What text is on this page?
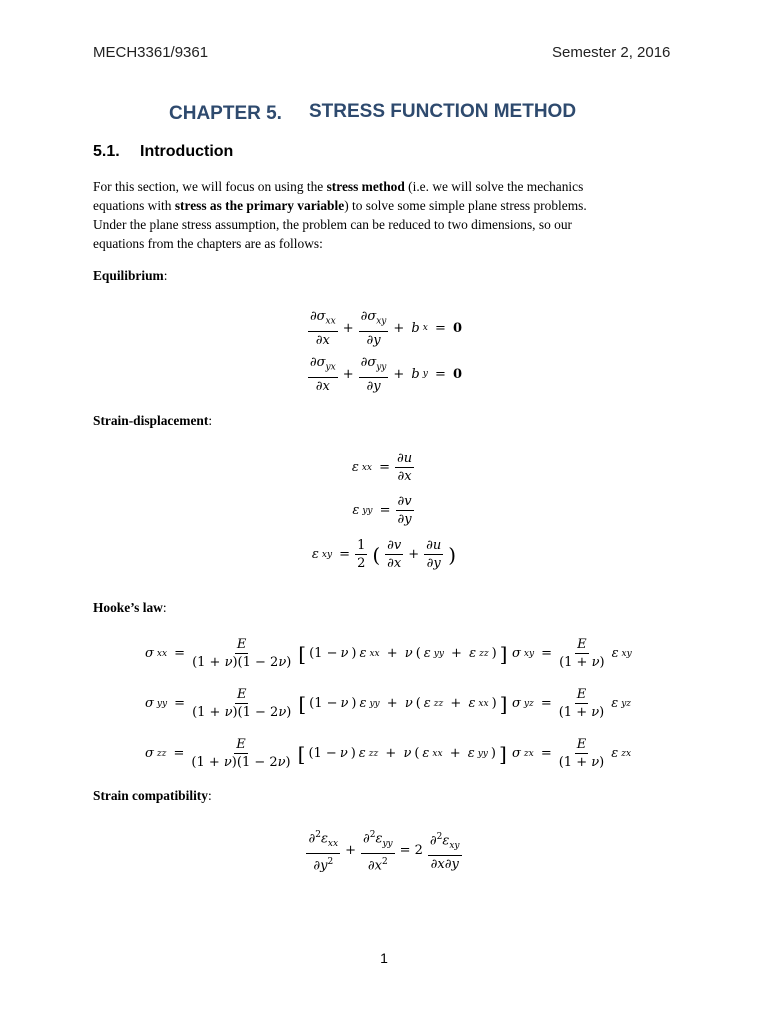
MECH3361/9361	Semester 2, 2016
CHAPTER 5. STRESS FUNCTION METHOD
5.1. Introduction
For this section, we will focus on using the stress method (i.e. we will solve the mechanics
equations with stress as the primary variable) to solve some simple plane stress problems.
Under the plane stress assumption, the problem can be reduced to two dimensions, so our
equations from the chapters are as follows:
Equilibrium:
$\frac{\partial\sigma_{xx}}{\partial x} + \frac{\partial\sigma_{xy}}{\partial y} + b$ x = 0
$\frac{\partial\sigma_{yx}}{\partial x} + \frac{\partial\sigma_{yy}}{\partial y} + b$ y = 0
Strain-displacement:
ε xx = $\frac{\partial u}{\partial x}$
ε yy = $\frac{\partial v}{\partial y}$
ε xy = $\frac{1}{2}$ ( $\frac{\partial v}{\partial x} + \frac{\partial u}{\partial y}$ )
Hooke’s law:
σ xx = $\frac{E}{(1 + \nu)(1 - 2\nu)}$ [ (1 − ν ) ε xx + ν ( ε yy + ε zz ) ]
σ yy = $\frac{E}{(1 + \nu)(1 - 2\nu)}$ [ (1 − ν ) ε yy + ν ( ε zz + ε xx ) ]
σ zz = $\frac{E}{(1 + \nu)(1 - 2\nu)}$ [ (1 − ν ) ε zz + ν ( ε xx + ε yy ) ]
σ xy = $\frac{E}{(1 + \nu)}$ ε xy
σ yz = $\frac{E}{(1 + \nu)}$ ε yz
σ zx = $\frac{E}{(1 + \nu)}$ ε zx
Strain compatibility:
$\frac{\partial^2\varepsilon_{xx}}{\partial y^2} + \frac{\partial^2\varepsilon_{yy}}{\partial x^2} = 2 \frac{\partial^2\varepsilon_{xy}}{\partial x\partial y}$
1
